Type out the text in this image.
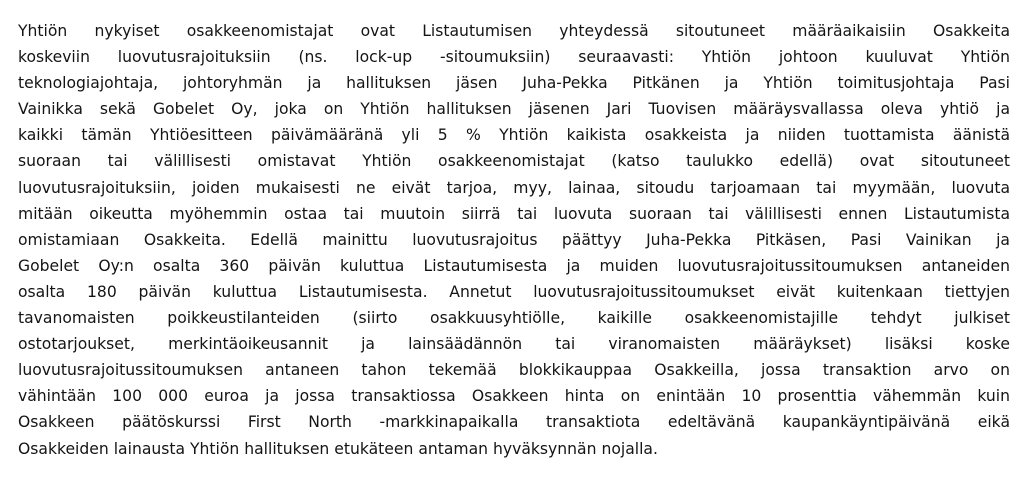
Yhtiön nykyiset osakkeenomistajat ovat Listautumisen yhteydessä sitoutuneet määräaikaisiin Osakkeita
koskeviin luovutusrajoituksiin (ns. lock-up -sitoumuksiin) seuraavasti: Yhtiön johtoon kuuluvat Yhtiön
teknologiajohtaja, johtoryhmän ja hallituksen jäsen Juha-Pekka Pitkänen ja Yhtiön toimitusjohtaja Pasi
Vainikka sekä Gobelet Oy, joka on Yhtiön hallituksen jäsenen Jari Tuovisen määräysvallassa oleva yhtiö ja
kaikki tämän Yhtiöesitteen päivämääränä yli 5 % Yhtiön kaikista osakkeista ja niiden tuottamista äänistä
suoraan tai välillisesti omistavat Yhtiön osakkeenomistajat (katso taulukko edellä) ovat sitoutuneet
luovutusrajoituksiin, joiden mukaisesti ne eivät tarjoa, myy, lainaa, sitoudu tarjoamaan tai myymään, luovuta
mitään oikeutta myöhemmin ostaa tai muutoin siirrä tai luovuta suoraan tai välillisesti ennen Listautumista
omistamiaan Osakkeita. Edellä mainittu luovutusrajoitus päättyy Juha-Pekka Pitkäsen, Pasi Vainikan ja
Gobelet Oy:n osalta 360 päivän kuluttua Listautumisesta ja muiden luovutusrajoitussitoumuksen antaneiden
osalta 180 päivän kuluttua Listautumisesta. Annetut luovutusrajoitussitoumukset eivät kuitenkaan tiettyjen
tavanomaisten poikkeustilanteiden (siirto osakkuusyhtiölle, kaikille osakkeenomistajille tehdyt julkiset
ostotarjoukset, merkintäoikeusannit ja lainsäädännön tai viranomaisten määräykset) lisäksi koske
luovutusrajoitussitoumuksen antaneen tahon tekemää blokkikauppaa Osakkeilla, jossa transaktion arvo on
vähintään 100 000 euroa ja jossa transaktiossa Osakkeen hinta on enintään 10 prosenttia vähemmän kuin
Osakkeen päätöskurssi First North -markkinapaikalla transaktiota edeltävänä kaupankäyntipäivänä eikä
Osakkeiden lainausta Yhtiön hallituksen etukäteen antaman hyväksynnän nojalla.
